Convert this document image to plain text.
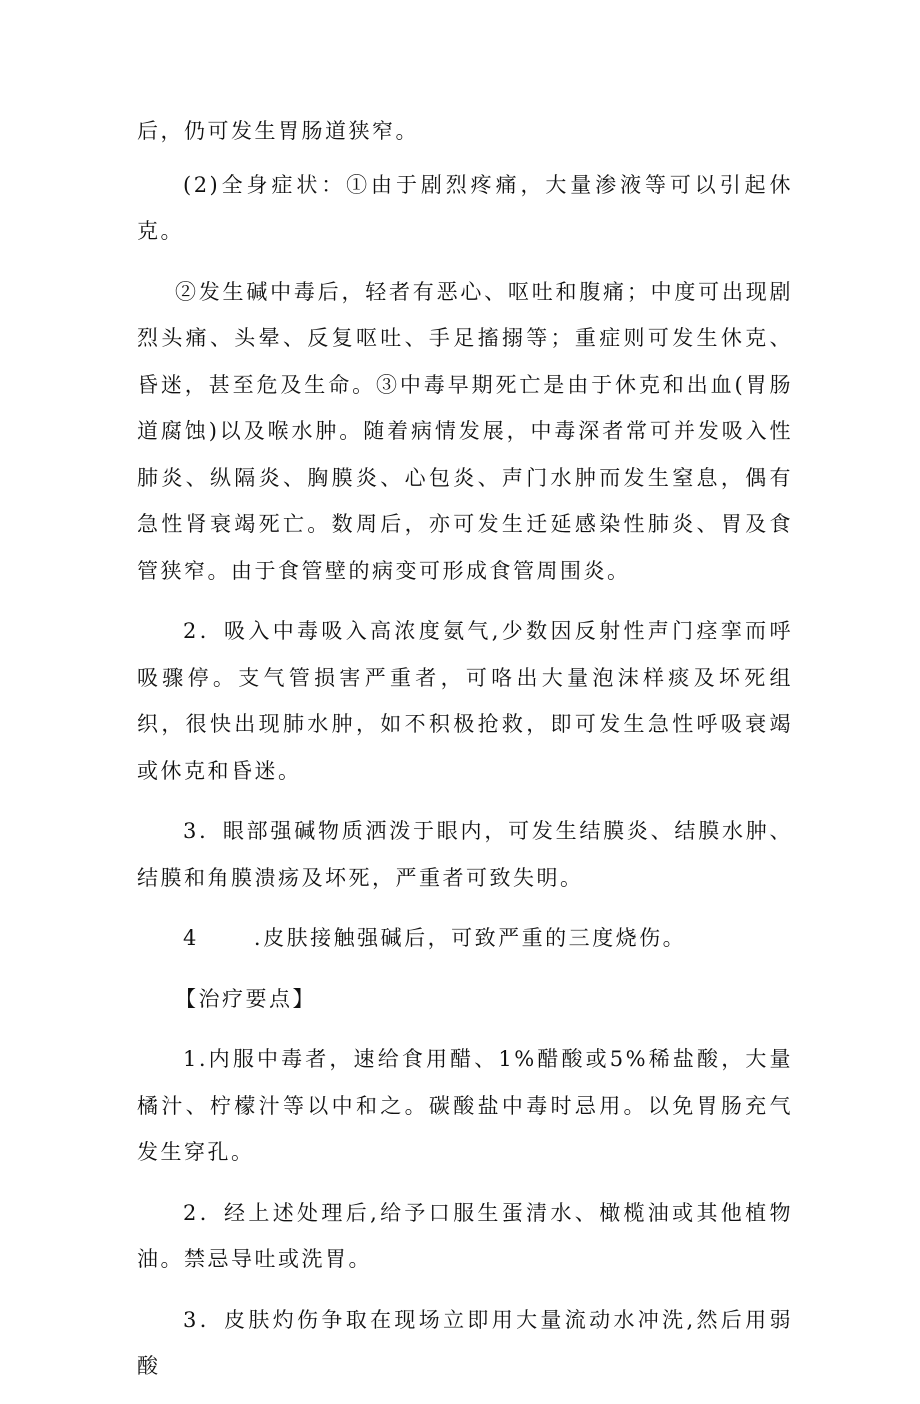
后，仍可发生胃肠道狭窄。

(2)全身症状：①由于剧烈疼痛，大量渗液等可以引起休克。

②发生碱中毒后，轻者有恶心、呕吐和腹痛；中度可出现剧烈头痛、头晕、反复呕吐、手足搐搦等；重症则可发生休克、昏迷，甚至危及生命。③中毒早期死亡是由于休克和出血(胃肠道腐蚀)以及喉水肿。随着病情发展，中毒深者常可并发吸入性肺炎、纵隔炎、胸膜炎、心包炎、声门水肿而发生窒息，偶有急性肾衰竭死亡。数周后，亦可发生迁延感染性肺炎、胃及食管狭窄。由于食管壁的病变可形成食管周围炎。

2．吸入中毒吸入高浓度氨气,少数因反射性声门痉挛而呼吸骤停。支气管损害严重者，可咯出大量泡沫样痰及坏死组织，很快出现肺水肿，如不积极抢救，即可发生急性呼吸衰竭或休克和昏迷。

3．眼部强碱物质洒泼于眼内，可发生结膜炎、结膜水肿、结膜和角膜溃疡及坏死，严重者可致失明。

4      .皮肤接触强碱后，可致严重的三度烧伤。

【治疗要点】

1.内服中毒者，速给食用醋、1%醋酸或5%稀盐酸，大量橘汁、柠檬汁等以中和之。碳酸盐中毒时忌用。以免胃肠充气发生穿孔。

2．经上述处理后,给予口服生蛋清水、橄榄油或其他植物油。禁忌导吐或洗胃。

3．皮肤灼伤争取在现场立即用大量流动水冲洗,然后用弱酸
